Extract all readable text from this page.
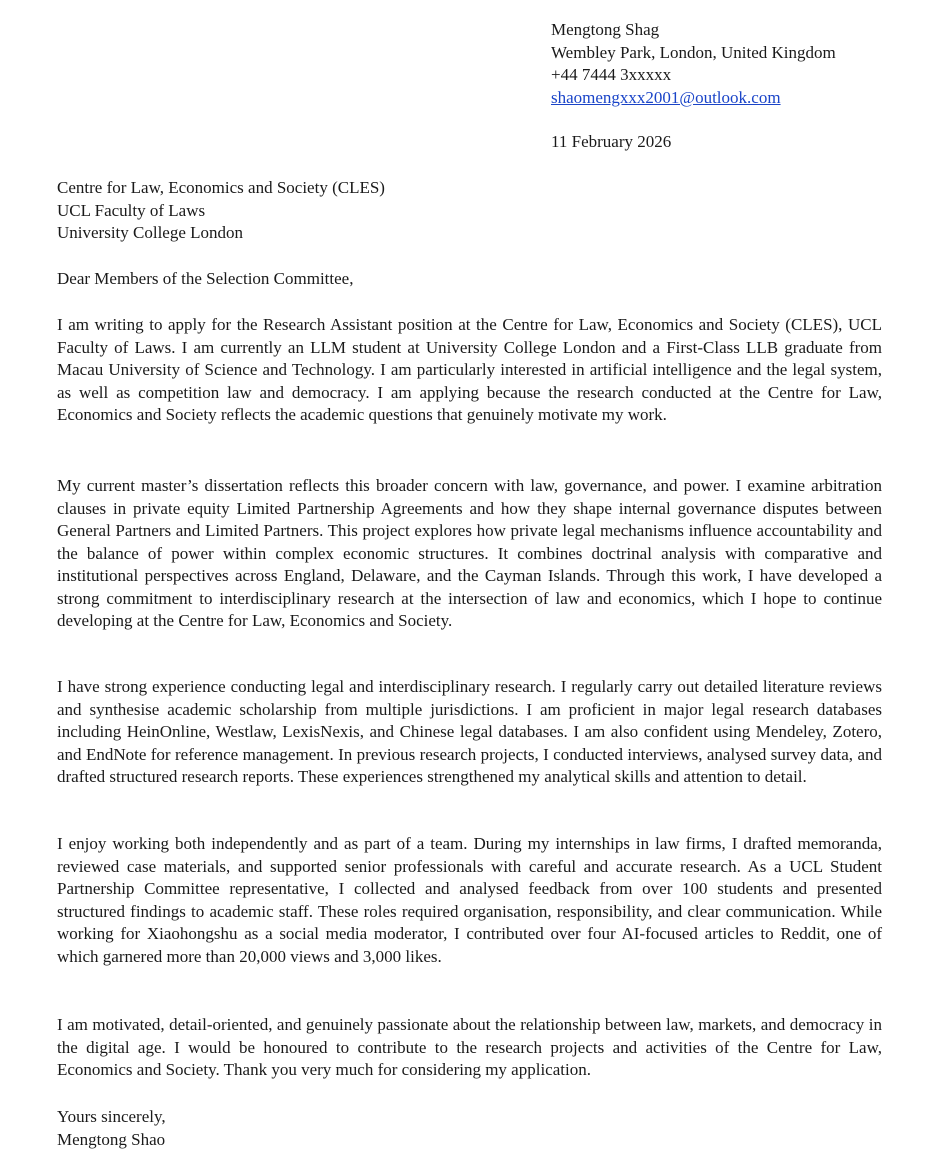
Mengtong Shag
Wembley Park, London, United Kingdom
+44 7444 3xxxxx
shaomengxxx2001@outlook.com
11 February 2026
Centre for Law, Economics and Society (CLES)
UCL Faculty of Laws
University College London
Dear Members of the Selection Committee,

I am writing to apply for the Research Assistant position at the Centre for Law, Economics and Society (CLES), UCL Faculty of Laws. I am currently an LLM student at University College London and a First-Class LLB graduate from Macau University of Science and Technology. I am particularly interested in artificial intelligence and the legal system, as well as competition law and democracy. I am applying because the research conducted at the Centre for Law, Economics and Society reflects the academic questions that genuinely motivate my work.

My current master’s dissertation reflects this broader concern with law, governance, and power. I examine arbitration clauses in private equity Limited Partnership Agreements and how they shape internal governance disputes between General Partners and Limited Partners. This project explores how private legal mechanisms influence accountability and the balance of power within complex economic structures. It combines doctrinal analysis with comparative and institutional perspectives across England, Delaware, and the Cayman Islands. Through this work, I have developed a strong commitment to interdisciplinary research at the intersection of law and economics, which I hope to continue developing at the Centre for Law, Economics and Society.

I have strong experience conducting legal and interdisciplinary research. I regularly carry out detailed literature reviews and synthesise academic scholarship from multiple jurisdictions. I am proficient in major legal research databases including HeinOnline, Westlaw, LexisNexis, and Chinese legal databases. I am also confident using Mendeley, Zotero, and EndNote for reference management. In previous research projects, I conducted interviews, analysed survey data, and drafted structured research reports. These experiences strengthened my analytical skills and attention to detail.

I enjoy working both independently and as part of a team. During my internships in law firms, I drafted memoranda, reviewed case materials, and supported senior professionals with careful and accurate research. As a UCL Student Partnership Committee representative, I collected and analysed feedback from over 100 students and presented structured findings to academic staff. These roles required organisation, responsibility, and clear communication. While working for Xiaohongshu as a social media moderator, I contributed over four AI-focused articles to Reddit, one of which garnered more than 20,000 views and 3,000 likes.

I am motivated, detail-oriented, and genuinely passionate about the relationship between law, markets, and democracy in the digital age. I would be honoured to contribute to the research projects and activities of the Centre for Law, Economics and Society. Thank you very much for considering my application.

Yours sincerely,
Mengtong Shao
